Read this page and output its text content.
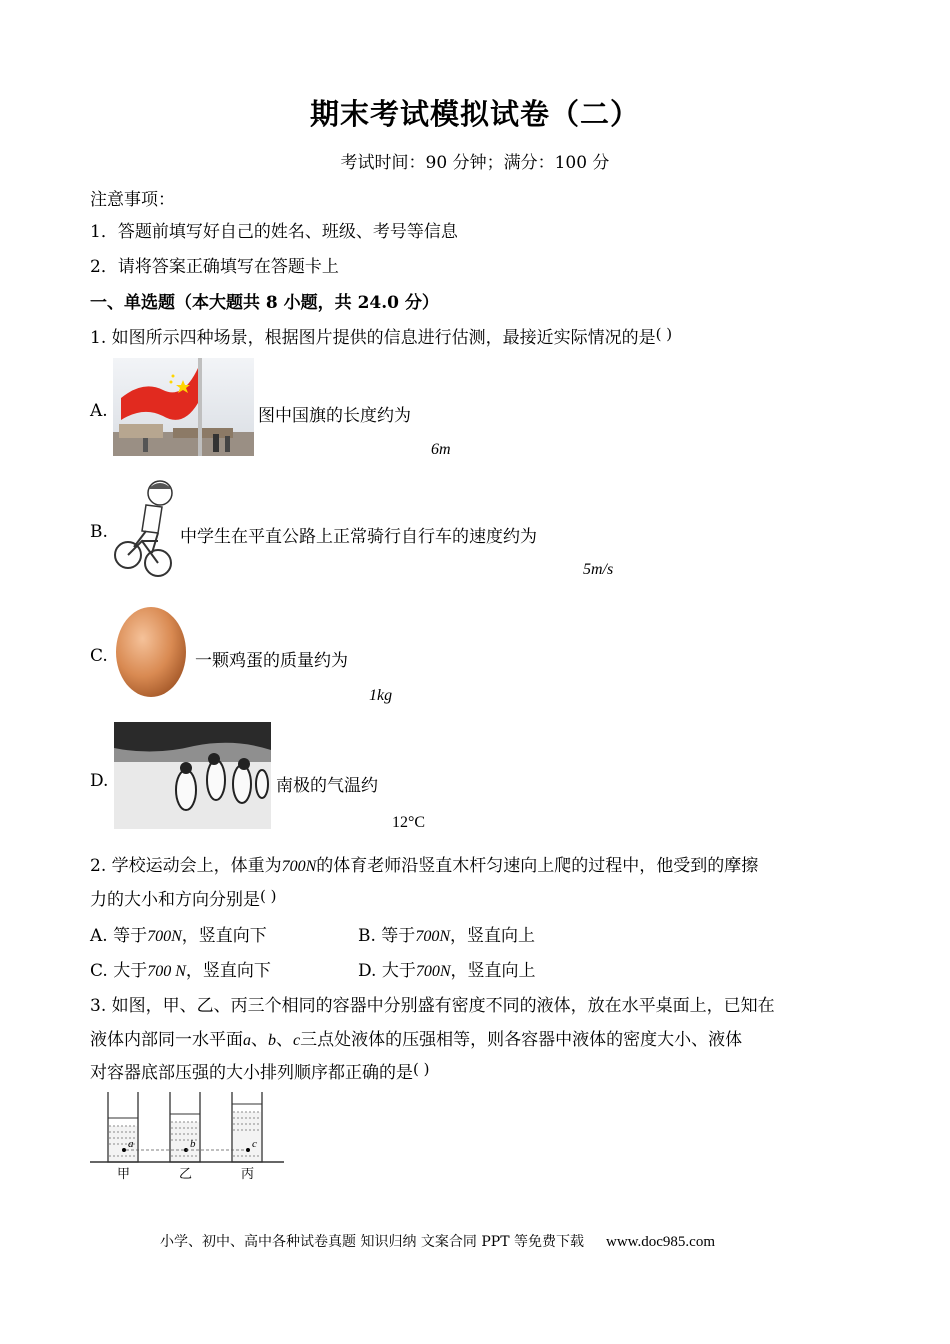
期末考试模拟试卷（二）
考试时间：90 分钟；满分：100 分
注意事项：
1．答题前填写好自己的姓名、班级、考号等信息
2．请将答案正确填写在答题卡上
一、单选题（本大题共 8 小题，共 24.0 分）
1. 如图所示四种场景，根据图片提供的信息进行估测，最接近实际情况的是( )
A.	图中国旗的长度约为
6m
B.	中学生在平直公路上正常骑行自行车的速度约为
5m/s
C.	一颗鸡蛋的质量约为
1kg
D.	南极的气温约
12°C
2. 学校运动会上，体重为700N的体育老师沿竖直木杆匀速向上爬的过程中，他受到的摩擦
力的大小和方向分别是( )
A. 等于700N，竖直向下	B. 等于700N，竖直向上
C. 大于700 N，竖直向下	D. 大于700N，竖直向上
3. 如图，甲、乙、丙三个相同的容器中分别盛有密度不同的液体，放在水平桌面上，已知在
液体内部同一水平面a、b、c三点处液体的压强相等，则各容器中液体的密度大小、液体
对容器底部压强的大小排列顺序都正确的是( )
a	b	c
甲	乙	丙
小学、初中、高中各种试卷真题 知识归纳 文案合同 PPT 等免费下载 www.doc985.com
